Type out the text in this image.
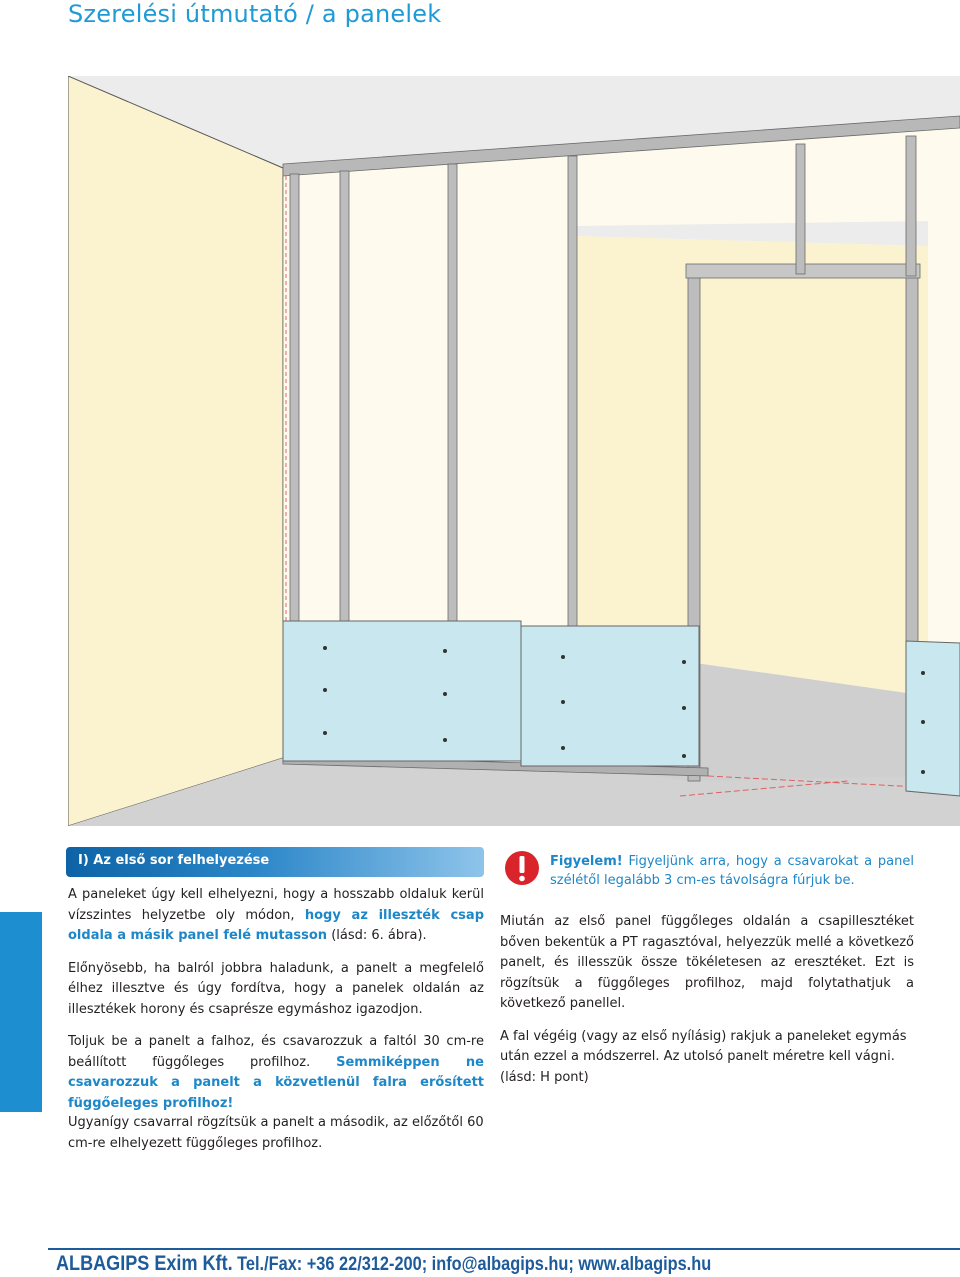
Szerelési útmutató / a panelek
I) Az első sor felhelyezése

A paneleket úgy kell elhelyezni, hogy a hosszabb oldaluk kerül vízszintes helyzetbe oly módon, hogy az illeszték csap oldala a másik panel felé mutasson (lásd: 6. ábra).

Előnyösebb, ha balról jobbra haladunk, a panelt a megfelelő élhez illesztve és úgy fordítva, hogy a panelek oldalán az illesztékek horony és csaprésze egymáshoz igazodjon.

Toljuk be a panelt a falhoz, és csavarozzuk a faltól 30 cm-re beállított függőleges profilhoz. Semmiképpen ne csavarozzuk a panelt a közvetlenül falra erősített függőeleges profilhoz!

Ugyanígy csavarral rögzítsük a panelt a második, az előzőtől 60 cm-re elhelyezett függőleges profilhoz.

Figyelem! Figyeljünk arra, hogy a csavarokat a panel szélétől legalább 3 cm-es távolságra fúrjuk be.

Miután az első panel függőleges oldalán a csapillesztéket bőven bekentük a PT ragasztóval, helyezzük mellé a következő panelt, és illesszük össze tökéletesen az eresztéket. Ezt is rögzítsük a függőleges profilhoz, majd folytathatjuk a következő panellel.

A fal végéig (vagy az első nyílásig) rakjuk a paneleket egymás után ezzel a módszerrel. Az utolsó panelt méretre kell vágni. (lásd: H pont)

ALBAGIPS Exim Kft. Tel./Fax: +36 22/312-200; info@albagips.hu; www.albagips.hu
